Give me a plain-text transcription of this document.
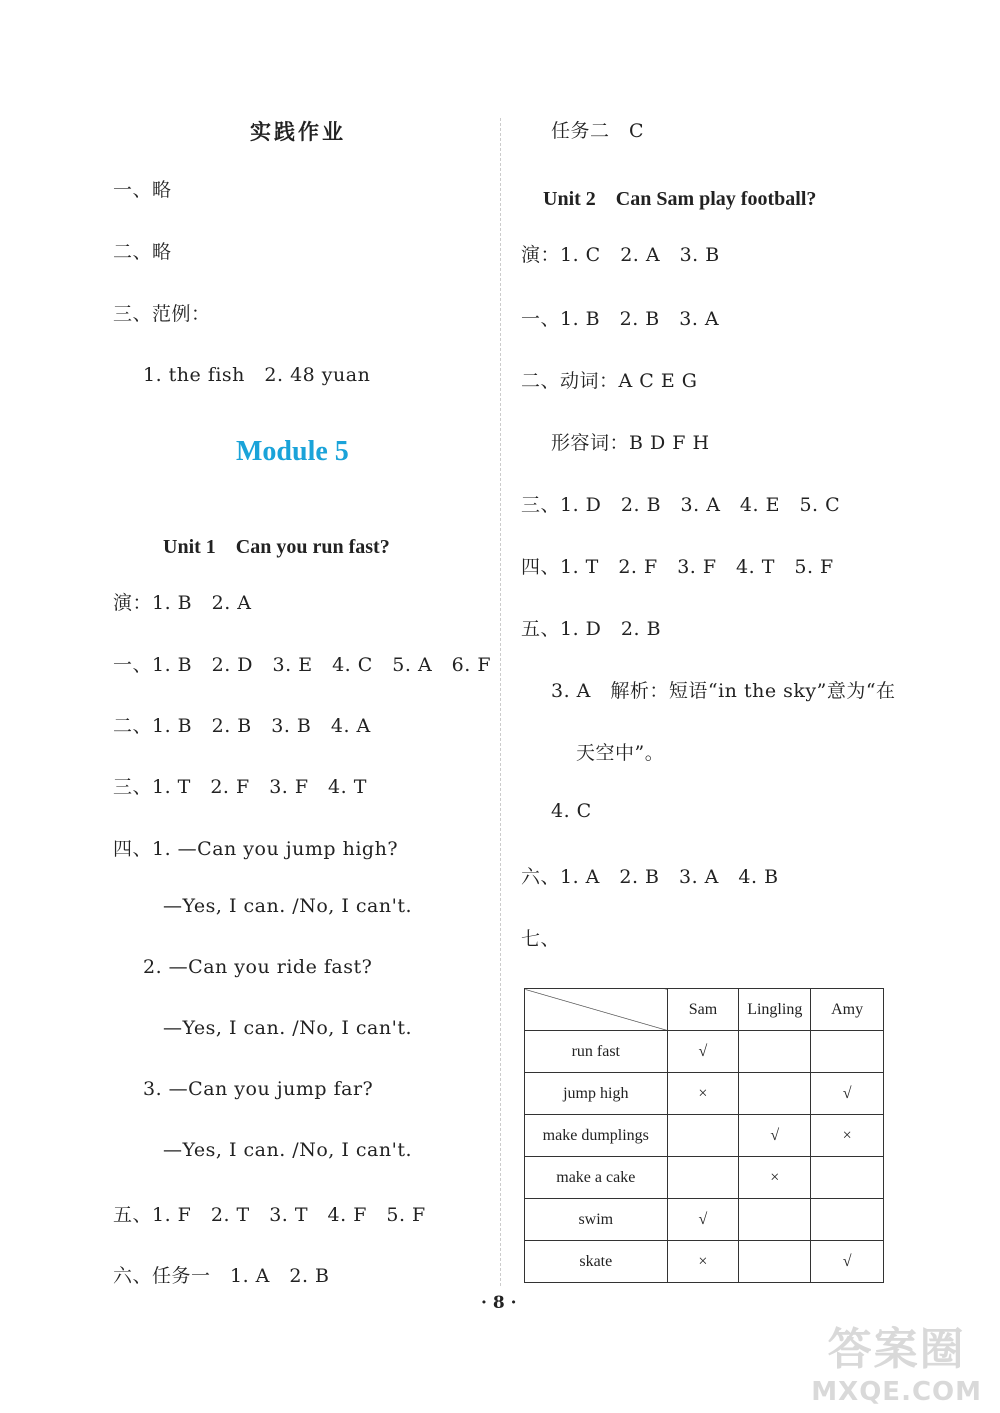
实践作业
一、略
二、略
三、范例：
1. the fish　2. 48 yuan
Module 5
Unit 1　Can you run fast?
演：1. B　2. A
一、1. B　2. D　3. E　4. C　5. A　6. F
二、1. B　2. B　3. B　4. A
三、1. T　2. F　3. F　4. T
四、1. —Can you jump high?
—Yes, I can. /No, I can't.
2. —Can you ride fast?
—Yes, I can. /No, I can't.
3. —Can you jump far?
—Yes, I can. /No, I can't.
五、1. F　2. T　3. T　4. F　5. F
六、任务一　1. A　2. B
任务二　C
Unit 2　Can Sam play football?
演：1. C　2. A　3. B
一、1. B　2. B　3. A
二、动词：A C E G
形容词：B D F H
三、1. D　2. B　3. A　4. E　5. C
四、1. T　2. F　3. F　4. T　5. F
五、1. D　2. B
3. A　解析：短语“in the sky”意为“在
天空中”。
4. C
六、1. A　2. B　3. A　4. B
七、
	Sam	Lingling	Amy
run fast	√		
jump high	×		√
make dumplings		√	×
make a cake		×	
swim	√		
skate	×		√
· 8 ·
答案圈
MXQE.COM
